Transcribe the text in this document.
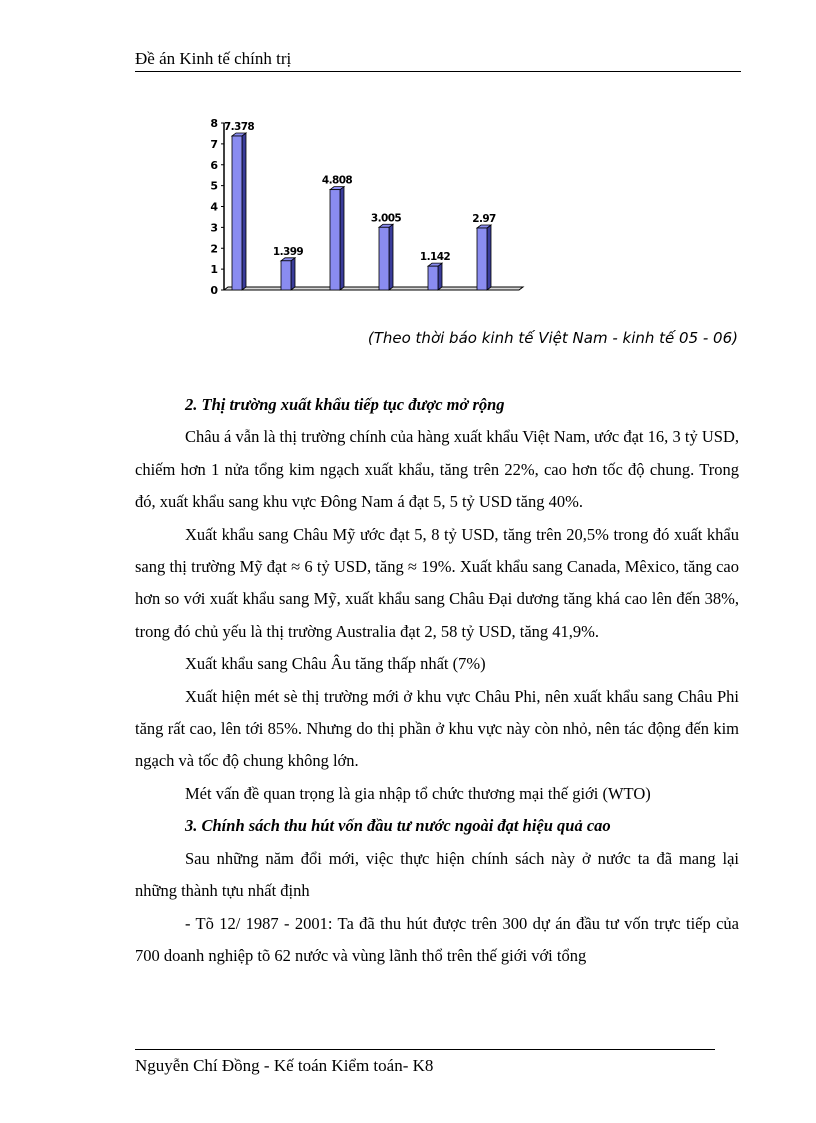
Đề án Kinh tế chính trị
0
1
2
3
4
5
6
7
8 7.378
1.399
4.808
3.005
1.142
2.97
(Theo thời báo kinh tế Việt Nam - kinh tế 05 - 06)

2. Thị trường xuất khẩu tiếp tục được mở rộng

Châu á vẫn là thị trường chính của hàng xuất khẩu Việt Nam, ước đạt 16, 3 tỷ USD, chiếm hơn 1 nửa tổng kim ngạch xuất khẩu, tăng trên 22%, cao hơn tốc độ chung. Trong đó, xuất khẩu sang khu vực Đông Nam á đạt 5, 5 tỷ USD tăng 40%.

Xuất khẩu sang Châu Mỹ ước đạt 5, 8 tỷ USD, tăng trên 20,5% trong đó xuất khẩu sang thị trường Mỹ đạt ≈ 6 tỷ USD, tăng ≈ 19%. Xuất khẩu sang Canada, Mêxico, tăng cao hơn so với xuất khẩu sang Mỹ, xuất khẩu sang Châu Đại dương tăng khá cao lên đến 38%, trong đó chủ yếu là thị trường Australia đạt 2, 58 tỷ USD, tăng 41,9%.

Xuất khẩu sang Châu Âu tăng thấp nhất (7%)

Xuất hiện mét sè thị trường mới ở khu vực Châu Phi, nên xuất khẩu sang Châu Phi tăng rất cao, lên tới 85%. Nhưng do thị phần ở khu vực này còn nhỏ, nên tác động đến kim ngạch và tốc độ chung không lớn.

Mét vấn đề quan trọng là gia nhập tổ chức thương mại thế giới (WTO)

3. Chính sách thu hút vốn đầu tư nước ngoài đạt hiệu quả cao

Sau những năm đổi mới, việc thực hiện chính sách này ở nước ta đã mang lại những thành tựu nhất định

- Tõ 12/ 1987 - 2001: Ta đã thu hút được trên 300 dự án đầu tư vốn trực tiếp của 700 doanh nghiệp tõ 62 nước và vùng lãnh thổ trên thế giới với tổng

Nguyễn Chí Đồng - Kế toán Kiểm toán- K8
